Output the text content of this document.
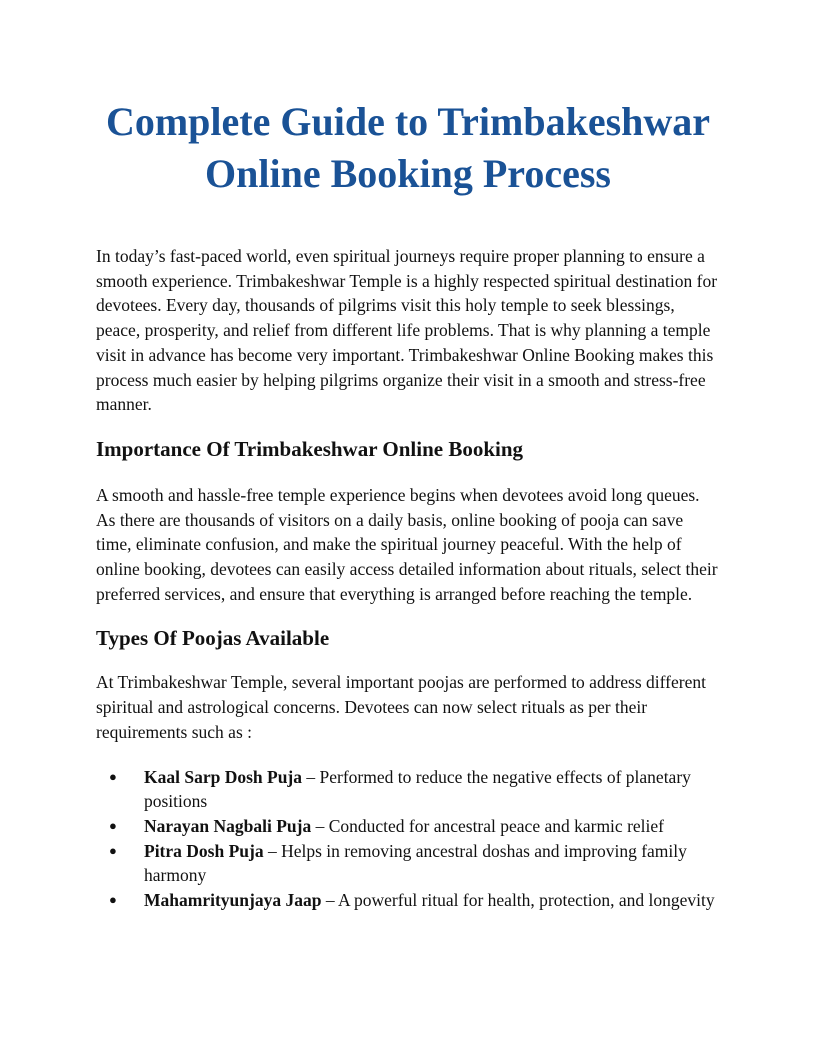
Complete Guide to Trimbakeshwar Online Booking Process

In today’s fast-paced world, even spiritual journeys require proper planning to ensure a smooth experience. Trimbakeshwar Temple is a highly respected spiritual destination for devotees. Every day, thousands of pilgrims visit this holy temple to seek blessings, peace, prosperity, and relief from different life problems. That is why planning a temple visit in advance has become very important. Trimbakeshwar Online Booking makes this process much easier by helping pilgrims organize their visit in a smooth and stress-free manner.

Importance Of Trimbakeshwar Online Booking

A smooth and hassle-free temple experience begins when devotees avoid long queues. As there are thousands of visitors on a daily basis, online booking of pooja can save time, eliminate confusion, and make the spiritual journey peaceful. With the help of online booking, devotees can easily access detailed information about rituals, select their preferred services, and ensure that everything is arranged before reaching the temple.

Types Of Poojas Available

At Trimbakeshwar Temple, several important poojas are performed to address different spiritual and astrological concerns. Devotees can now select rituals as per their requirements such as :

● Kaal Sarp Dosh Puja – Performed to reduce the negative effects of planetary positions
● Narayan Nagbali Puja – Conducted for ancestral peace and karmic relief
● Pitra Dosh Puja – Helps in removing ancestral doshas and improving family harmony
● Mahamrityunjaya Jaap – A powerful ritual for health, protection, and longevity
